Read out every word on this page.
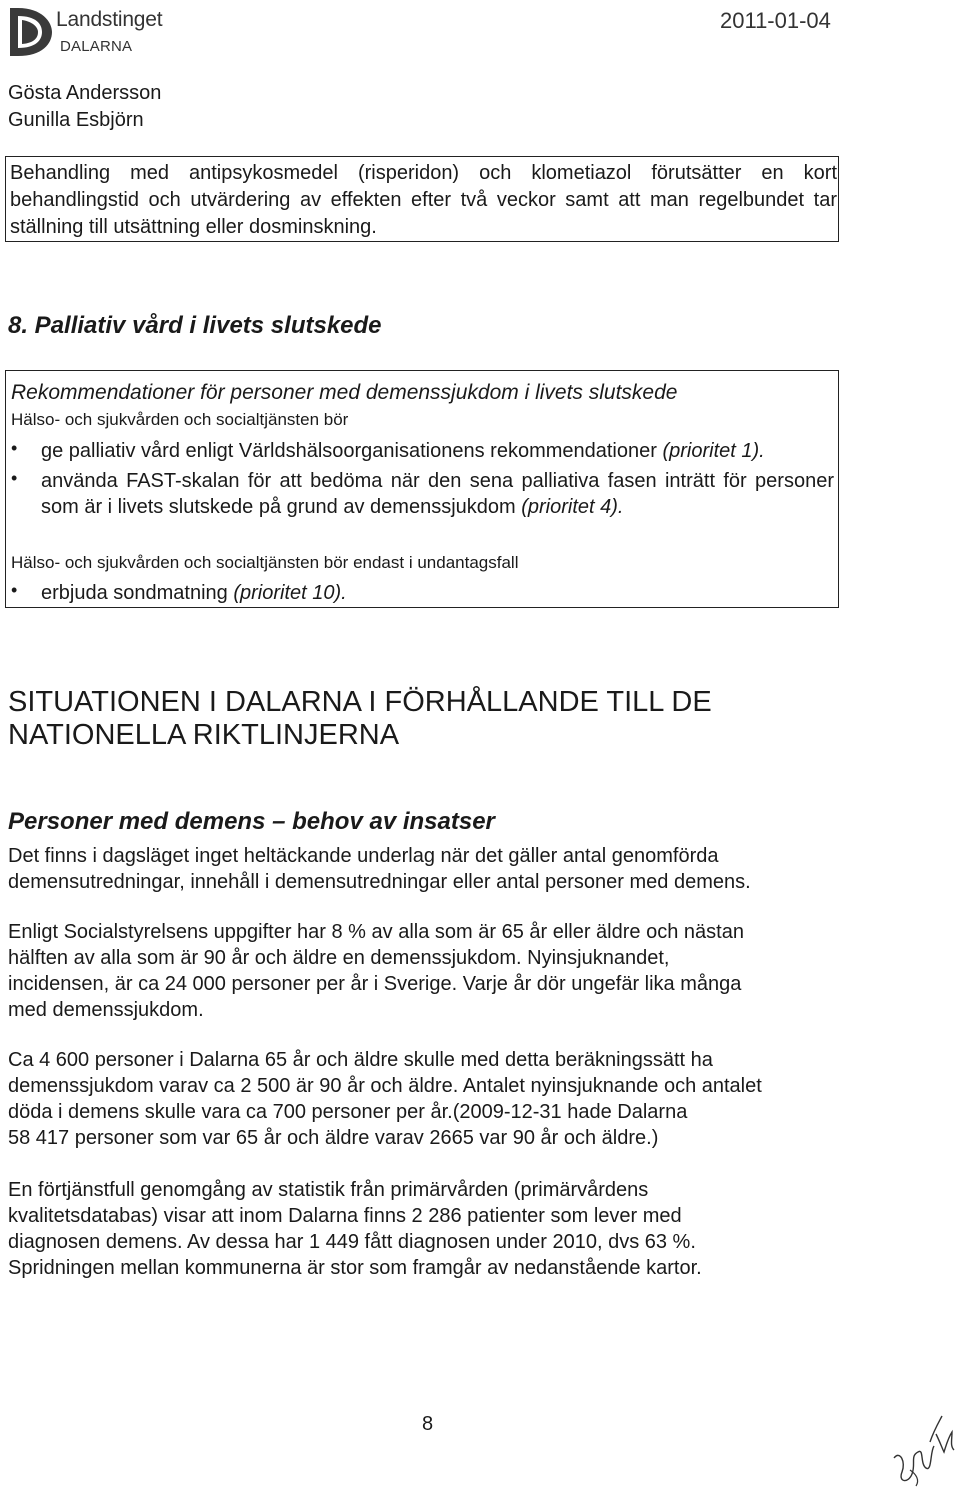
Landstinget
DALARNA
2011-01-04
Gösta Andersson
Gunilla Esbjörn

Behandling med antipsykosmedel (risperidon) och klometiazol förutsätter en kort behandlingstid och utvärdering av effekten efter två veckor samt att man regelbundet tar ställning till utsättning eller dosminskning.

8. Palliativ vård i livets slutskede
Rekommendationer för personer med demenssjukdom i livets slutskede
Hälso- och sjukvården och socialtjänsten bör
•	ge palliativ vård enligt Världshälsoorganisationens rekommendationer (prioritet 1).
•	använda FAST-skalan för att bedöma när den sena palliativa fasen inträtt för personer som är i livets slutskede på grund av demenssjukdom (prioritet 4).
Hälso- och sjukvården och socialtjänsten bör endast i undantagsfall
•	erbjuda sondmatning (prioritet 10).
SITUATIONEN I DALARNA I FÖRHÅLLANDE TILL DE
NATIONELLA RIKTLINJERNA
Personer med demens – behov av insatser
Det finns i dagsläget inget heltäckande underlag när det gäller antal genomförda
demensutredningar, innehåll i demensutredningar eller antal personer med demens.
Enligt Socialstyrelsens uppgifter har 8 % av alla som är 65 år eller äldre och nästan
hälften av alla som är 90 år och äldre en demenssjukdom. Nyinsjuknandet,
incidensen, är ca 24 000 personer per år i Sverige. Varje år dör ungefär lika många
med demenssjukdom.
Ca 4 600 personer i Dalarna 65 år och äldre skulle med detta beräkningssätt ha
demenssjukdom varav ca 2 500 är 90 år och äldre. Antalet nyinsjuknande och antalet
döda i demens skulle vara ca 700 personer per år.(2009-12-31 hade Dalarna
58 417 personer som var 65 år och äldre varav 2665 var 90 år och äldre.)
En förtjänstfull genomgång av statistik från primärvården (primärvårdens
kvalitetsdatabas) visar att inom Dalarna finns 2 286 patienter som lever med
diagnosen demens. Av dessa har 1 449 fått diagnosen under 2010, dvs 63 %.
Spridningen mellan kommunerna är stor som framgår av nedanstående kartor.
8
